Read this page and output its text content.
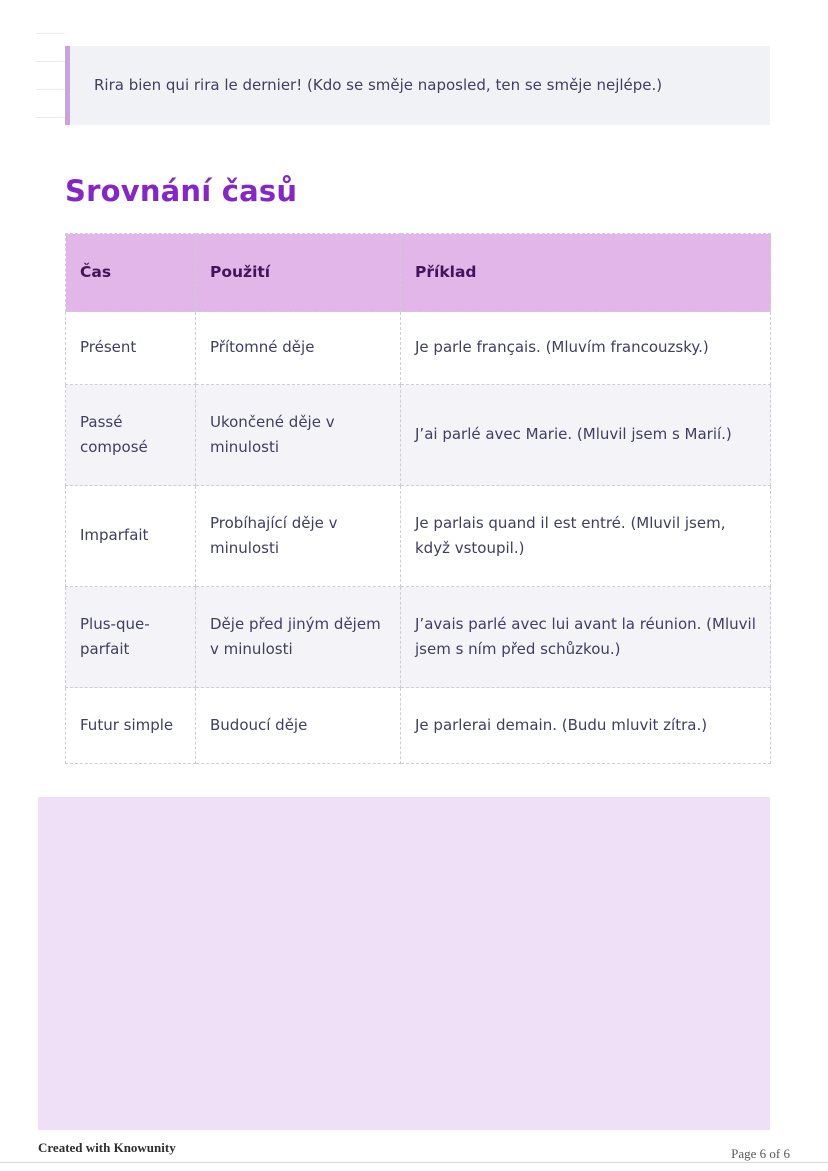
Rira bien qui rira le dernier! (Kdo se směje naposled, ten se směje nejlépe.)

Srovnání časů
Čas	Použití	Příklad
Présent	Přítomné děje	Je parle français. (Mluvím francouzsky.)
Passé composé	Ukončené děje v minulosti	J’ai parlé avec Marie. (Mluvil jsem s Marií.)
Imparfait	Probíhající děje v minulosti	Je parlais quand il est entré. (Mluvil jsem, když vstoupil.)
Plus-que-parfait	Děje před jiným dějem v minulosti	J’avais parlé avec lui avant la réunion. (Mluvil jsem s ním před schůzkou.)
Futur simple	Budoucí děje	Je parlerai demain. (Budu mluvit zítra.)
Created with Knowunity	Page 6 of 6
